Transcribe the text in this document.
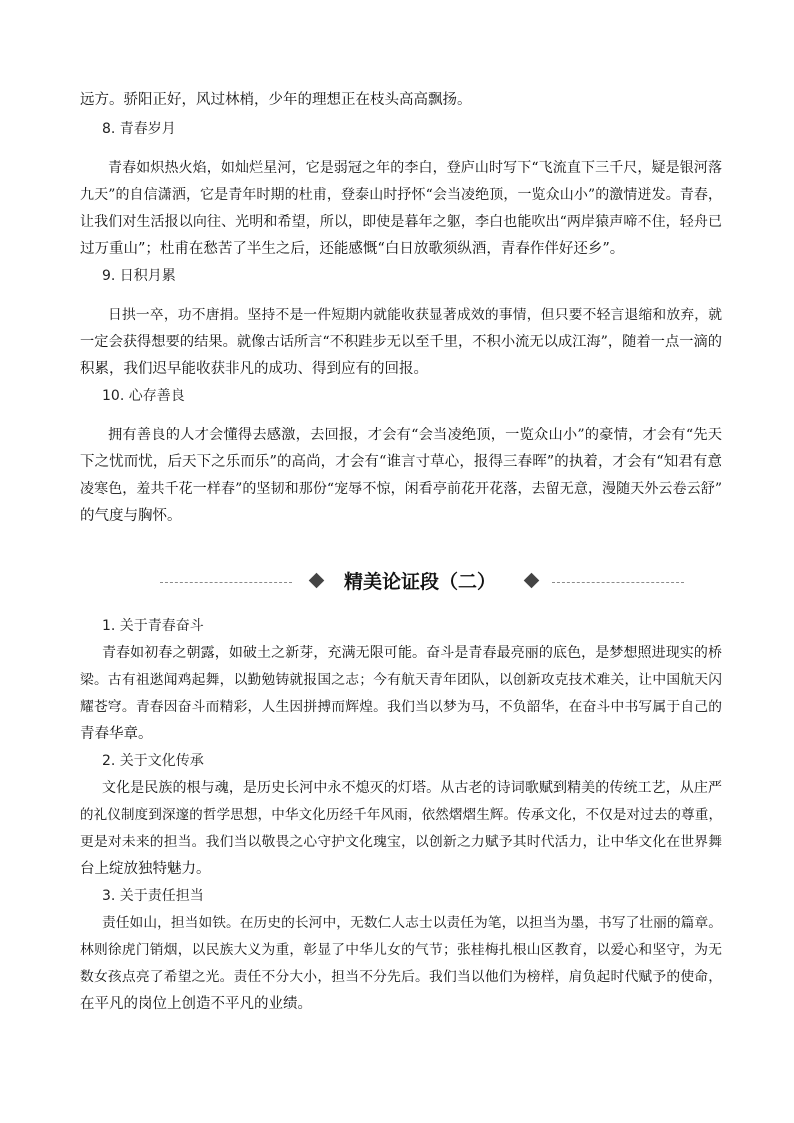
远方。骄阳正好，风过林梢，少年的理想正在枝头高高飘扬。
8. 青春岁月
青春如炽热火焰，如灿烂星河，它是弱冠之年的李白，登庐山时写下“飞流直下三千尺，疑是银河落
九天”的自信潇洒，它是青年时期的杜甫，登泰山时抒怀“会当凌绝顶，一览众山小”的激情迸发。青春，
让我们对生活报以向往、光明和希望，所以，即使是暮年之躯，李白也能吹出“两岸猿声啼不住，轻舟已
过万重山”；杜甫在愁苦了半生之后，还能感慨“白日放歌须纵酒，青春作伴好还乡”。
9. 日积月累
日拱一卒，功不唐捐。坚持不是一件短期内就能收获显著成效的事情，但只要不轻言退缩和放弃，就
一定会获得想要的结果。就像古话所言“不积跬步无以至千里，不积小流无以成江海”，随着一点一滴的
积累，我们迟早能收获非凡的成功、得到应有的回报。
10. 心存善良
拥有善良的人才会懂得去感激，去回报，才会有“会当凌绝顶，一览众山小”的豪情，才会有“先天
下之忧而忧，后天下之乐而乐”的高尚，才会有“谁言寸草心，报得三春晖”的执着，才会有“知君有意
凌寒色，羞共千花一样春”的坚韧和那份“宠辱不惊，闲看亭前花开花落，去留无意，漫随天外云卷云舒”
的气度与胸怀。
精美论证段（二）
1. 关于青春奋斗
青春如初春之朝露，如破土之新芽，充满无限可能。奋斗是青春最亮丽的底色，是梦想照进现实的桥
梁。古有祖逖闻鸡起舞，以勤勉铸就报国之志；今有航天青年团队，以创新攻克技术难关，让中国航天闪
耀苍穹。青春因奋斗而精彩，人生因拼搏而辉煌。我们当以梦为马，不负韶华，在奋斗中书写属于自己的
青春华章。
2. 关于文化传承
文化是民族的根与魂，是历史长河中永不熄灭的灯塔。从古老的诗词歌赋到精美的传统工艺，从庄严
的礼仪制度到深邃的哲学思想，中华文化历经千年风雨，依然熠熠生辉。传承文化，不仅是对过去的尊重，
更是对未来的担当。我们当以敬畏之心守护文化瑰宝，以创新之力赋予其时代活力，让中华文化在世界舞
台上绽放独特魅力。
3. 关于责任担当
责任如山，担当如铁。在历史的长河中，无数仁人志士以责任为笔，以担当为墨，书写了壮丽的篇章。
林则徐虎门销烟，以民族大义为重，彰显了中华儿女的气节；张桂梅扎根山区教育，以爱心和坚守，为无
数女孩点亮了希望之光。责任不分大小，担当不分先后。我们当以他们为榜样，肩负起时代赋予的使命，
在平凡的岗位上创造不平凡的业绩。
